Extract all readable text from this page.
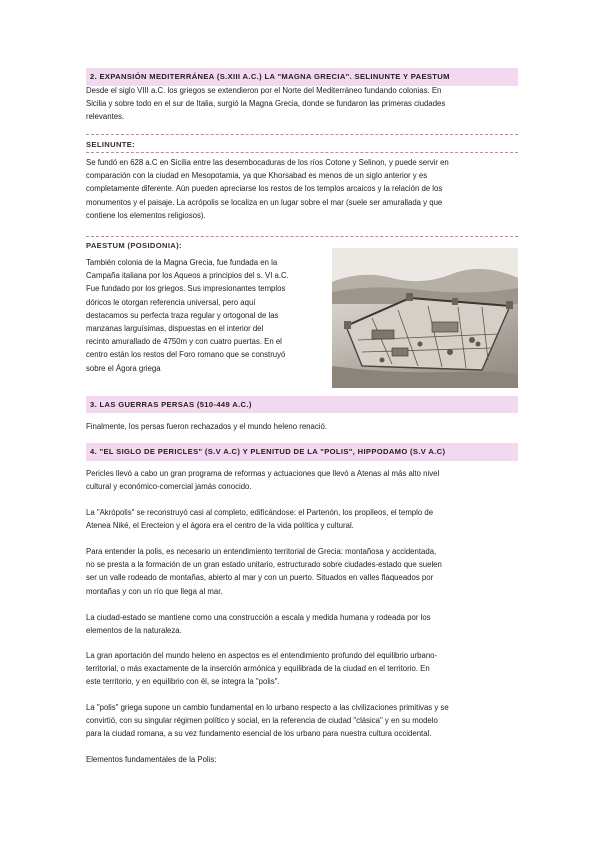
2. EXPANSIÓN MEDITERRÁNEA (S.XIII A.C.) LA "MAGNA GRECIA". SELINUNTE Y PAESTUM
Desde el siglo VIII a.C. los griegos se extendieron por el Norte del Mediterráneo fundando colonias. En
Sicilia y sobre todo en el sur de Italia, surgió la Magna Grecia, donde se fundaron las primeras ciudades
relevantes.
SELINUNTE:
Se fundó en 628 a.C en Sicilia entre las desembocaduras de los ríos Cotone y Selinon, y puede servir en
comparación con la ciudad en Mesopotamia, ya que Khorsabad es menos de un siglo anterior y es
completamente diferente. Aún pueden apreciarse los restos de los templos arcaicos y la relación de los
monumentos y el paisaje. La acrópolis se localiza en un lugar sobre el mar (suele ser amurallada y que
contiene los elementos religiosos).
PAESTUM (POSIDONIA):
También colonia de la Magna Grecia, fue fundada en la
Campaña italiana por los Aqueos a principios del s. VI a.C.
Fue fundado por los griegos. Sus impresionantes templos
dóricos le otorgan referencia universal, pero aquí
destacamos su perfecta traza regular y ortogonal de las
manzanas larguísimas, dispuestas en el interior del
recinto amurallado de 4750m y con cuatro puertas. En el
centro están los restos del Foro romano que se construyó
sobre el Ágora griega
3. LAS GUERRAS PERSAS (510-449 A.C.)
Finalmente, los persas fueron rechazados y el mundo heleno renació.
4. "EL SIGLO DE PERICLES" (S.V A.C) Y PLENITUD DE LA "POLIS", HIPPODAMO (S.V A.C)
Pericles llevó a cabo un gran programa de reformas y actuaciones que llevó a Atenas al más alto nivel
cultural y económico-comercial jamás conocido.
La "Akrópolis" se reconstruyó casi al completo, edificándose: el Partenón, los propileos, el templo de
Atenea Niké, el Erecteion y el ágora era el centro de la vida política y cultural.
Para entender la polis, es necesario un entendimiento territorial de Grecia: montañosa y accidentada,
no se presta a la formación de un gran estado unitario, estructurado sobre ciudades-estado que suelen
ser un valle rodeado de montañas, abierto al mar y con un puerto. Situados en valles flaqueados por
montañas y con un río que llega al mar.
La ciudad-estado se mantiene como una construcción a escala y medida humana y rodeada por los
elementos de la naturaleza.
La gran aportación del mundo heleno en aspectos es el entendimiento profundo del equilibrio urbano-
territorial, o más exactamente de la inserción armónica y equilibrada de la ciudad en el territorio. En
este territorio, y en equilibrio con él, se integra la "polis".
La "polis" griega supone un cambio fundamental en lo urbano respecto a las civilizaciones primitivas y se
convirtió, con su singular régimen político y social, en la referencia de ciudad "clásica" y en su modelo
para la ciudad romana, a su vez fundamento esencial de los urbano para nuestra cultura occidental.
Elementos fundamentales de la Polis:
